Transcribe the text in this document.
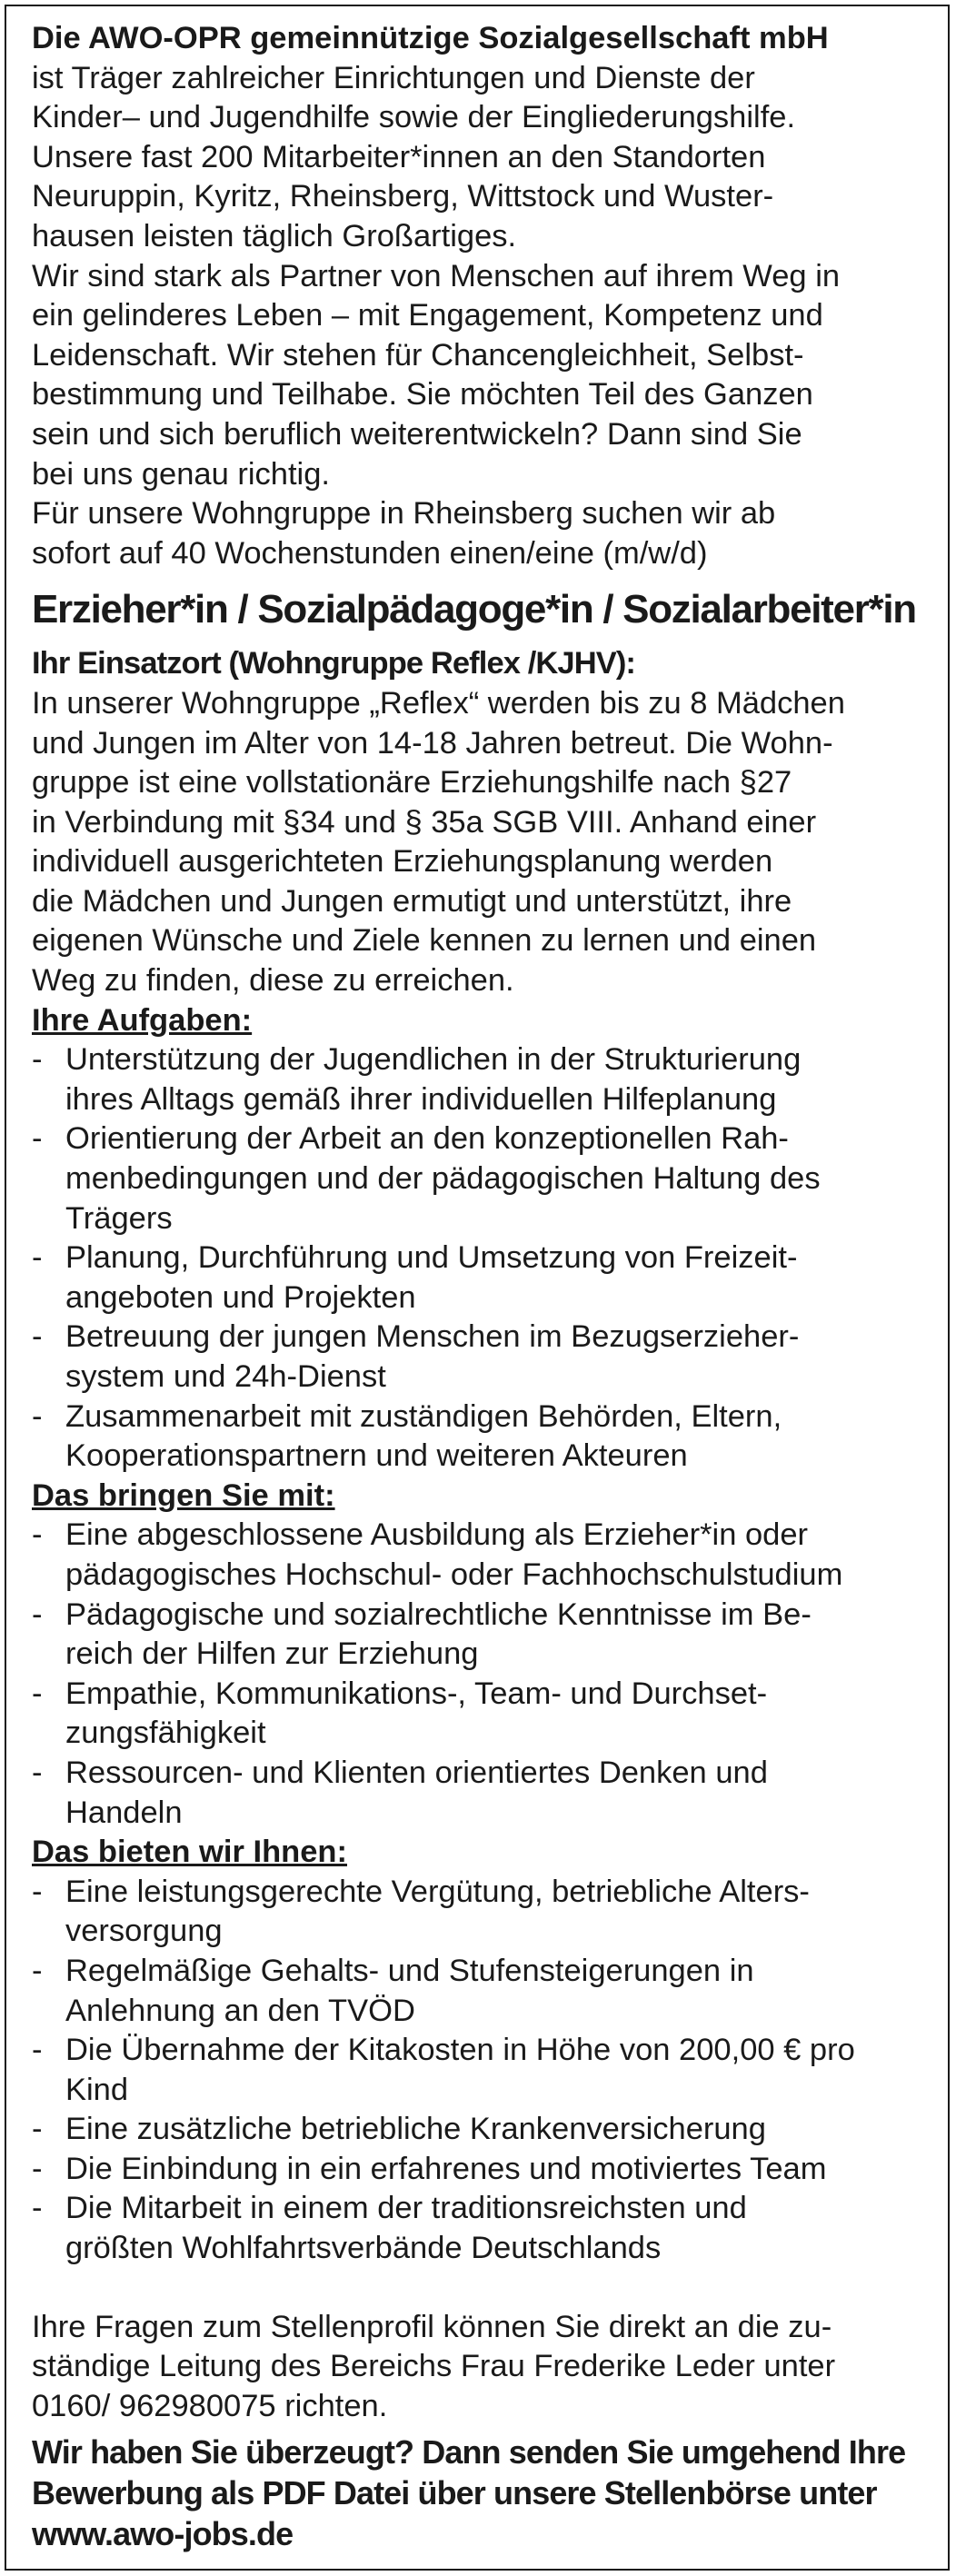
Die AWO-OPR gemeinnützige Sozialgesellschaft mbH
ist Träger zahlreicher Einrichtungen und Dienste der
Kinder– und Jugendhilfe sowie der Eingliederungshilfe.
Unsere fast 200 Mitarbeiter*innen an den Standorten
Neuruppin, Kyritz, Rheinsberg, Wittstock und Wuster-
hausen leisten täglich Großartiges.
Wir sind stark als Partner von Menschen auf ihrem Weg in
ein gelinderes Leben – mit Engagement, Kompetenz und
Leidenschaft. Wir stehen für Chancengleichheit, Selbst-
bestimmung und Teilhabe. Sie möchten Teil des Ganzen
sein und sich beruflich weiterentwickeln? Dann sind Sie
bei uns genau richtig.
Für unsere Wohngruppe in Rheinsberg suchen wir ab
sofort auf 40 Wochenstunden einen/eine (m/w/d)
Erzieher*in / Sozialpädagoge*in / Sozialarbeiter*in
Ihr Einsatzort (Wohngruppe Reflex /KJHV):
In unserer Wohngruppe „Reflex“ werden bis zu 8 Mädchen
und Jungen im Alter von 14-18 Jahren betreut. Die Wohn-
gruppe ist eine vollstationäre Erziehungshilfe nach §27
in Verbindung mit §34 und § 35a SGB VIII. Anhand einer
individuell ausgerichteten Erziehungsplanung werden
die Mädchen und Jungen ermutigt und unterstützt, ihre
eigenen Wünsche und Ziele kennen zu lernen und einen
Weg zu finden, diese zu erreichen.
Ihre Aufgaben:
- Unterstützung der Jugendlichen in der Strukturierung
ihres Alltags gemäß ihrer individuellen Hilfeplanung
- Orientierung der Arbeit an den konzeptionellen Rah-
menbedingungen und der pädagogischen Haltung des
Trägers
- Planung, Durchführung und Umsetzung von Freizeit-
angeboten und Projekten
- Betreuung der jungen Menschen im Bezugserzieher-
system und 24h-Dienst
- Zusammenarbeit mit zuständigen Behörden, Eltern,
Kooperationspartnern und weiteren Akteuren
Das bringen Sie mit:
- Eine abgeschlossene Ausbildung als Erzieher*in oder
pädagogisches Hochschul- oder Fachhochschulstudium
- Pädagogische und sozialrechtliche Kenntnisse im Be-
reich der Hilfen zur Erziehung
- Empathie, Kommunikations-, Team- und Durchset-
zungsfähigkeit
- Ressourcen- und Klienten orientiertes Denken und
Handeln
Das bieten wir Ihnen:
- Eine leistungsgerechte Vergütung, betriebliche Alters-
versorgung
- Regelmäßige Gehalts- und Stufensteigerungen in
Anlehnung an den TVÖD
- Die Übernahme der Kitakosten in Höhe von 200,00 € pro
Kind
- Eine zusätzliche betriebliche Krankenversicherung
- Die Einbindung in ein erfahrenes und motiviertes Team
- Die Mitarbeit in einem der traditionsreichsten und
größten Wohlfahrtsverbände Deutschlands
Ihre Fragen zum Stellenprofil können Sie direkt an die zu-
ständige Leitung des Bereichs Frau Frederike Leder unter
0160/ 962980075 richten.
Wir haben Sie überzeugt? Dann senden Sie umgehend Ihre
Bewerbung als PDF Datei über unsere Stellenbörse unter
www.awo-jobs.de
